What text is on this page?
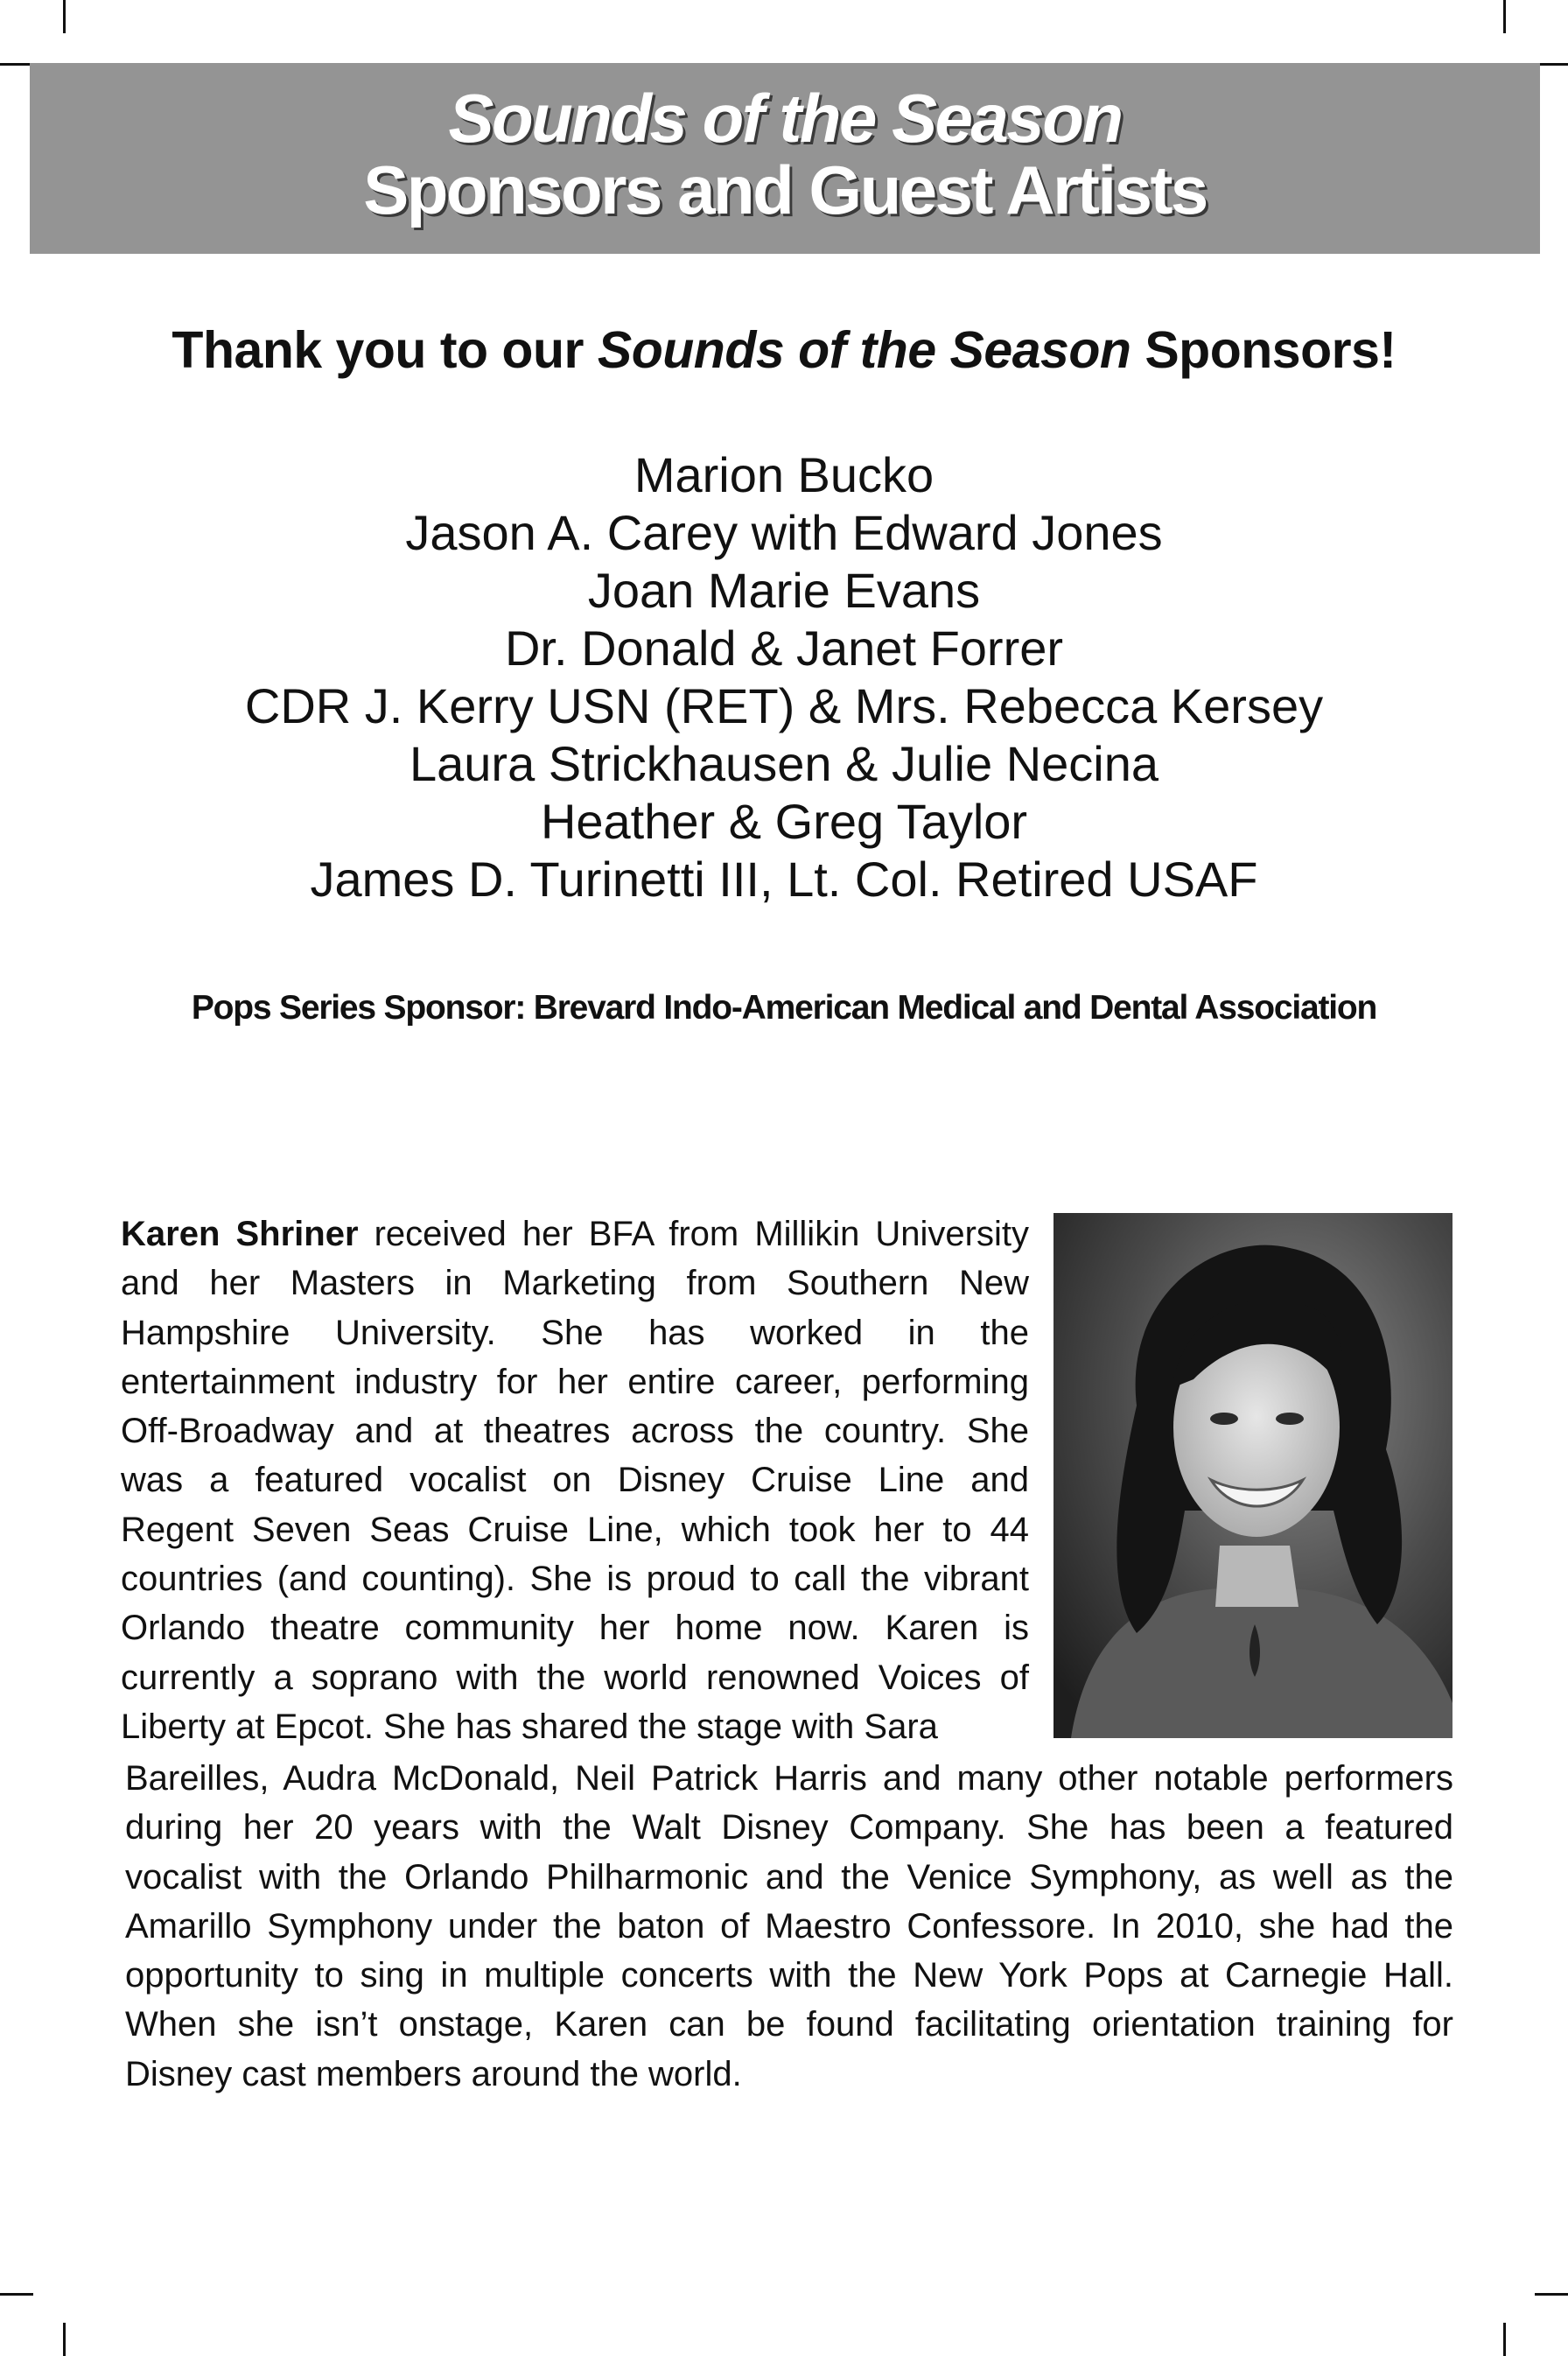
Sounds of the Season
Sponsors and Guest Artists
Thank you to our Sounds of the Season Sponsors!
Marion Bucko
Jason A. Carey with Edward Jones
Joan Marie Evans
Dr. Donald & Janet Forrer
CDR J. Kerry USN (RET) & Mrs. Rebecca Kersey
Laura Strickhausen & Julie Necina
Heather & Greg Taylor
James D. Turinetti III, Lt. Col. Retired USAF
Pops Series Sponsor: Brevard Indo-American Medical and Dental Association
Karen Shriner received her BFA from Millikin University
and her Masters in Marketing from Southern New
Hampshire University. She has worked in the
entertainment industry for her entire career, performing
Off-Broadway and at theatres across the country. She
was a featured vocalist on Disney Cruise Line and
Regent Seven Seas Cruise Line, which took her to 44
countries (and counting). She is proud to call the vibrant
Orlando theatre community her home now. Karen is
currently a soprano with the world renowned Voices of
Liberty at Epcot. She has shared the stage with Sara
Bareilles, Audra McDonald, Neil Patrick Harris and many other notable performers
during her 20 years with the Walt Disney Company. She has been a featured
vocalist with the Orlando Philharmonic and the Venice Symphony, as well as the
Amarillo Symphony under the baton of Maestro Confessore. In 2010, she had the
opportunity to sing in multiple concerts with the New York Pops at Carnegie Hall.
When she isn’t onstage, Karen can be found facilitating orientation training for
Disney cast members around the world.
